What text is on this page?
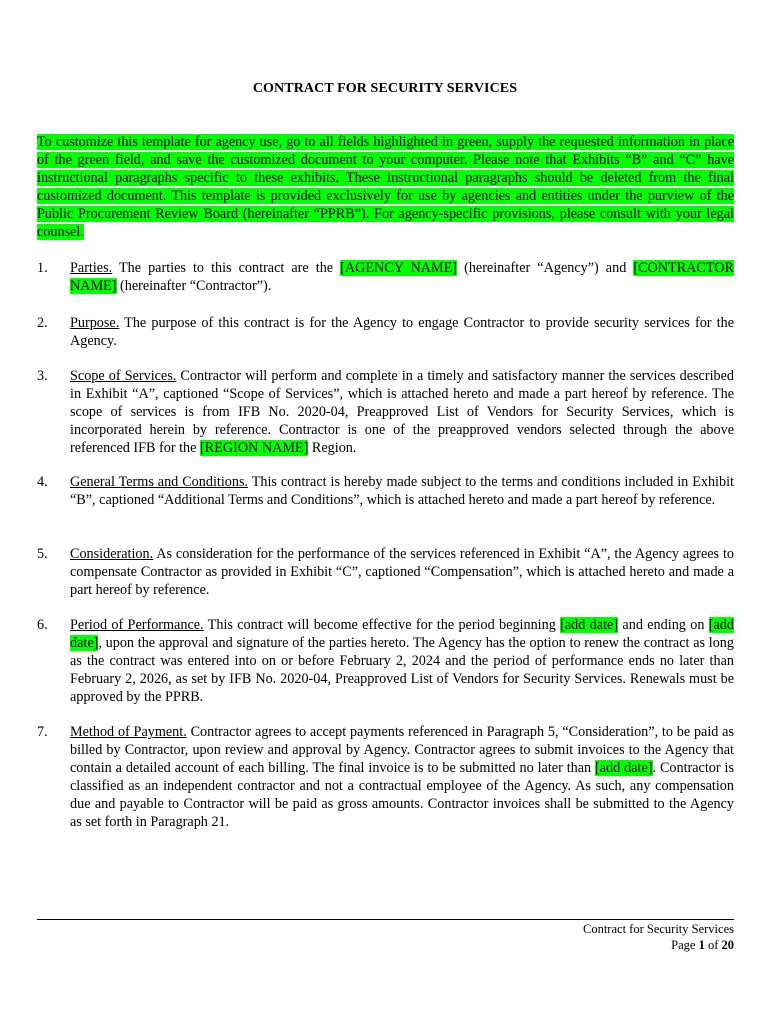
CONTRACT FOR SECURITY SERVICES
To customize this template for agency use, go to all fields highlighted in green, supply the requested information in place of the green field, and save the customized document to your computer. Please note that Exhibits “B” and “C” have instructional paragraphs specific to these exhibits. These instructional paragraphs should be deleted from the final customized document. This template is provided exclusively for use by agencies and entities under the purview of the Public Procurement Review Board (hereinafter “PPRB”). For agency-specific provisions, please consult with your legal counsel.
1.	Parties. The parties to this contract are the [AGENCY NAME] (hereinafter “Agency”) and [CONTRACTOR NAME] (hereinafter “Contractor”).
2.	Purpose. The purpose of this contract is for the Agency to engage Contractor to provide security services for the Agency.
3.	Scope of Services. Contractor will perform and complete in a timely and satisfactory manner the services described in Exhibit “A”, captioned “Scope of Services”, which is attached hereto and made a part hereof by reference. The scope of services is from IFB No. 2020-04, Preapproved List of Vendors for Security Services, which is incorporated herein by reference. Contractor is one of the preapproved vendors selected through the above referenced IFB for the [REGION NAME] Region.
4.	General Terms and Conditions. This contract is hereby made subject to the terms and conditions included in Exhibit “B”, captioned “Additional Terms and Conditions”, which is attached hereto and made a part hereof by reference.
5.	Consideration. As consideration for the performance of the services referenced in Exhibit “A”, the Agency agrees to compensate Contractor as provided in Exhibit “C”, captioned “Compensation”, which is attached hereto and made a part hereof by reference.
6.	Period of Performance. This contract will become effective for the period beginning [add date] and ending on [add date], upon the approval and signature of the parties hereto. The Agency has the option to renew the contract as long as the contract was entered into on or before February 2, 2024 and the period of performance ends no later than February 2, 2026, as set by IFB No. 2020-04, Preapproved List of Vendors for Security Services. Renewals must be approved by the PPRB.
7.	Method of Payment. Contractor agrees to accept payments referenced in Paragraph 5, “Consideration”, to be paid as billed by Contractor, upon review and approval by Agency. Contractor agrees to submit invoices to the Agency that contain a detailed account of each billing. The final invoice is to be submitted no later than [add date]. Contractor is classified as an independent contractor and not a contractual employee of the Agency. As such, any compensation due and payable to Contractor will be paid as gross amounts. Contractor invoices shall be submitted to the Agency as set forth in Paragraph 21.
Contract for Security Services
Page 1 of 20
